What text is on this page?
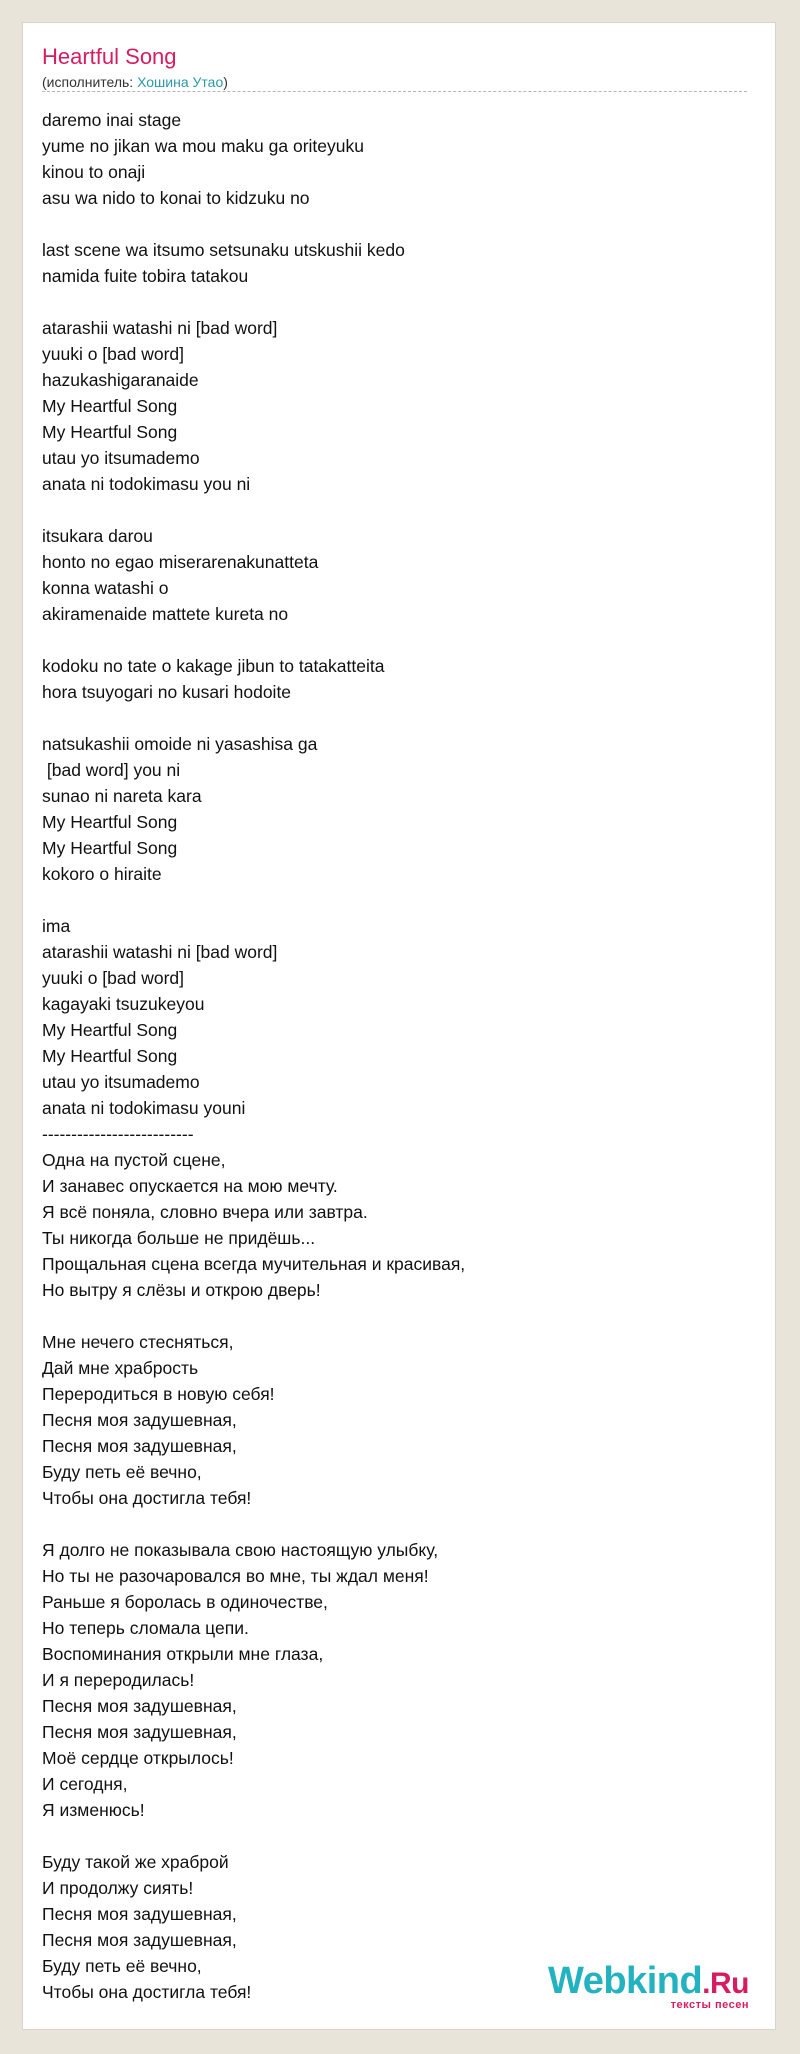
Heartful Song
(исполнитель: Хошина Утао)
daremo inai stage
yume no jikan wa mou maku ga oriteyuku
kinou to onaji
asu wa nido to konai to kidzuku no
last scene wa itsumo setsunaku utskushii kedo
namida fuite tobira tatakou
atarashii watashi ni [bad word]
yuuki o [bad word]
hazukashigaranaide
My Heartful Song
My Heartful Song
utau yo itsumademo
anata ni todokimasu you ni
itsukara darou
honto no egao miserarenakunatteta
konna watashi o
akiramenaide mattete kureta no
kodoku no tate o kakage jibun to tatakatteita
hora tsuyogari no kusari hodoite
natsukashii omoide ni yasashisa ga
[bad word] you ni
sunao ni nareta kara
My Heartful Song
My Heartful Song
kokoro o hiraite
ima
atarashii watashi ni [bad word]
yuuki o [bad word]
kagayaki tsuzukeyou
My Heartful Song
My Heartful Song
utau yo itsumademo
anata ni todokimasu youni
--------------------------
Одна на пустой сцене,
И занавес опускается на мою мечту.
Я всё поняла, словно вчера или завтра.
Ты никогда больше не придёшь...
Прощальная сцена всегда мучительная и красивая,
Но вытру я слёзы и открою дверь!
Мне нечего стесняться,
Дай мне храбрость
Переродиться в новую себя!
Песня моя задушевная,
Песня моя задушевная,
Буду петь её вечно,
Чтобы она достигла тебя!
Я долго не показывала свою настоящую улыбку,
Но ты не разочаровался во мне, ты ждал меня!
Раньше я боролась в одиночестве,
Но теперь сломала цепи.
Воспоминания открыли мне глаза,
И я переродилась!
Песня моя задушевная,
Песня моя задушевная,
Моё сердце открылось!
И сегодня,
Я изменюсь!
Буду такой же храброй
И продолжу сиять!
Песня моя задушевная,
Песня моя задушевная,
Буду петь её вечно,
Чтобы она достигла тебя!	Webkind.Ru
тексты песен
